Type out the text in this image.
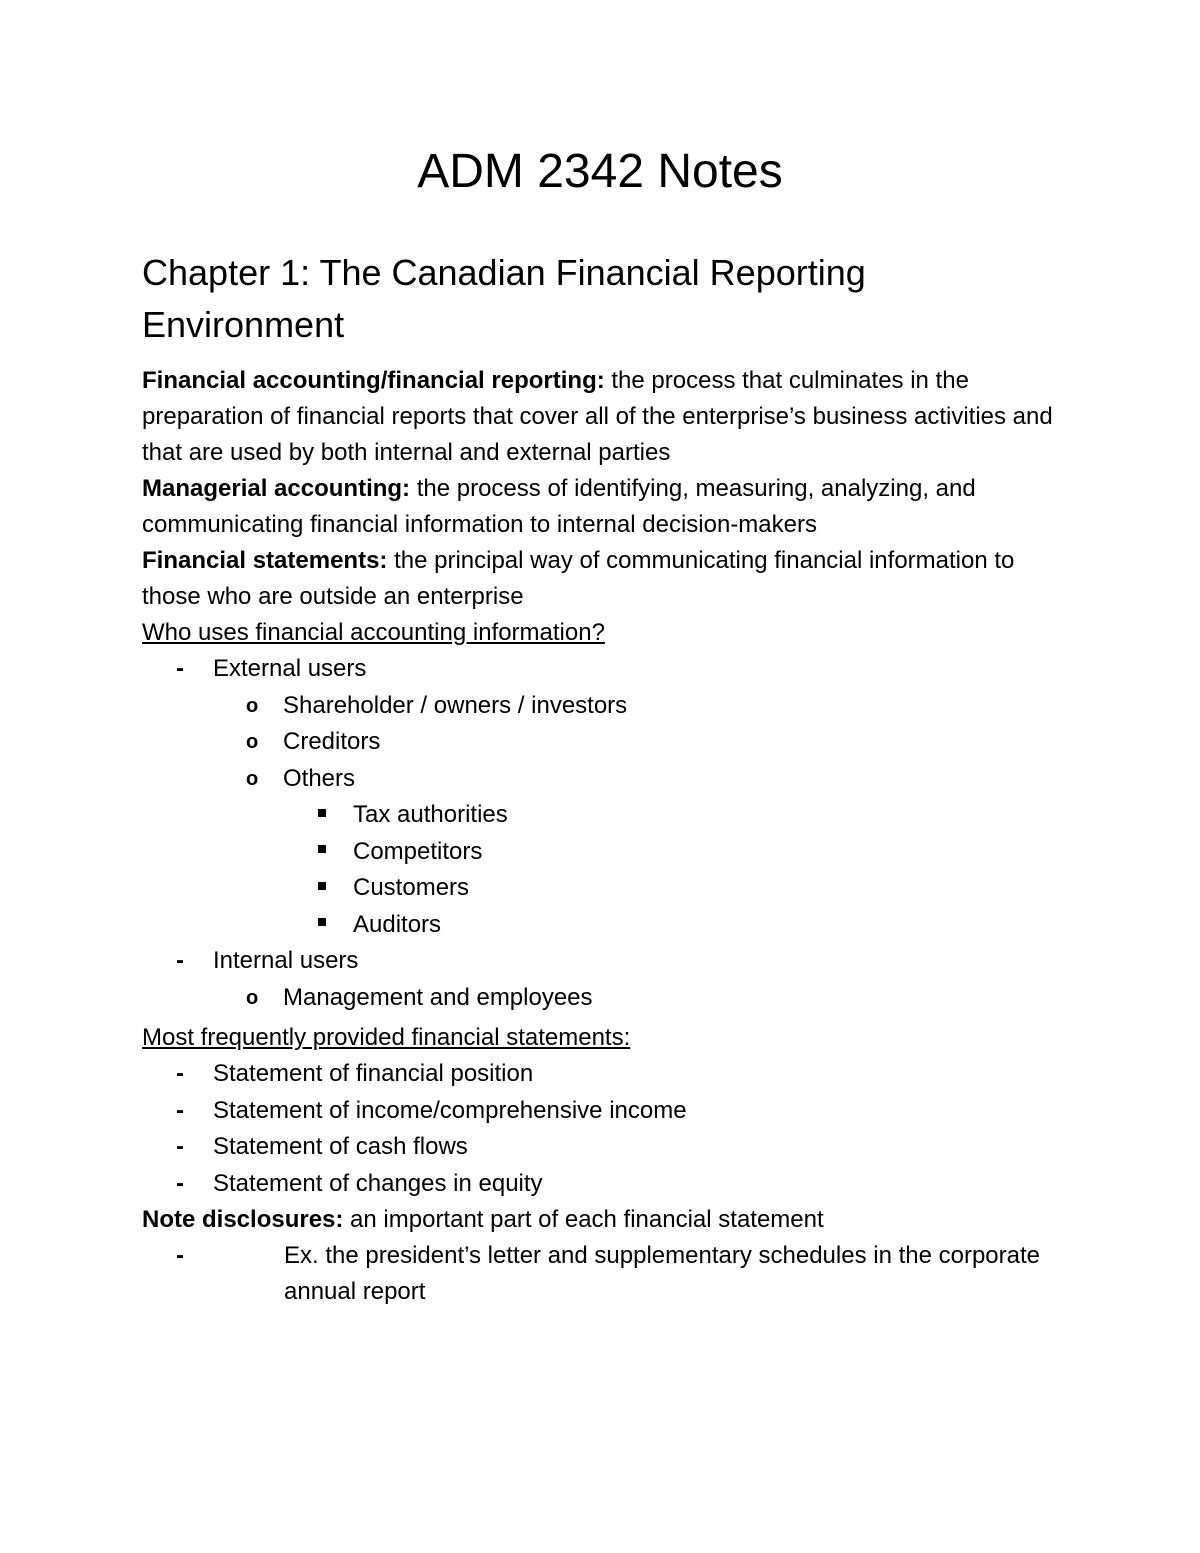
ADM 2342 Notes
Chapter 1: The Canadian Financial Reporting Environment

Financial accounting/financial reporting: the process that culminates in the preparation of financial reports that cover all of the enterprise’s business activities and that are used by both internal and external parties

Managerial accounting: the process of identifying, measuring, analyzing, and communicating financial information to internal decision-makers

Financial statements: the principal way of communicating financial information to those who are outside an enterprise

Who uses financial accounting information?

-	External users
o	Shareholder / owners / investors
o	Creditors
o	Others
Tax authorities
Competitors
Customers
Auditors
-	Internal users
o	Management and employees

Most frequently provided financial statements:

-	Statement of financial position
-	Statement of income/comprehensive income
-	Statement of cash flows
-	Statement of changes in equity

Note disclosures: an important part of each financial statement

-	Ex. the president’s letter and supplementary schedules in the corporate annual report
